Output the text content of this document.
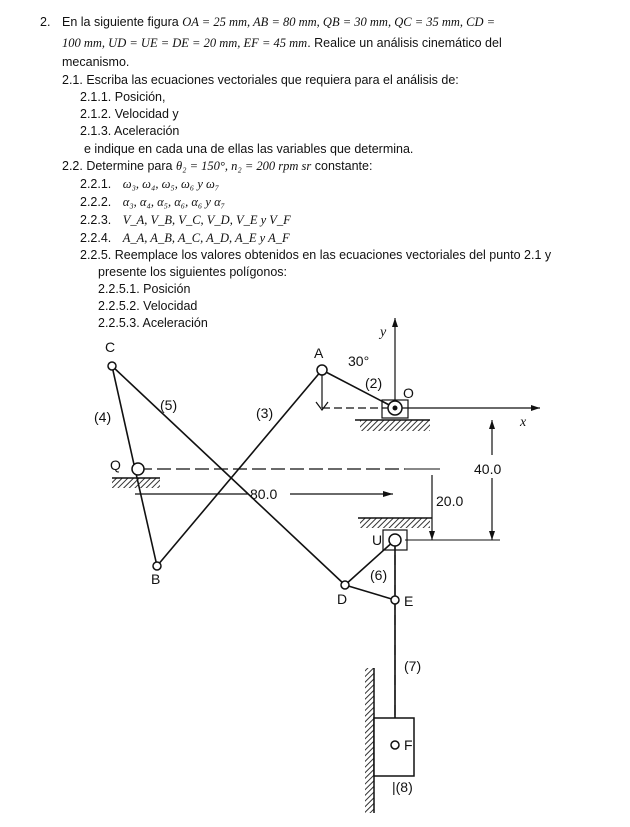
2. En la siguiente figura OA = 25 mm, AB = 80 mm, QB = 30 mm, QC = 35 mm, CD =
100 mm, UD = UE = DE = 20 mm, EF = 45 mm. Realice un análisis cinemático del
mecanismo.
2.1. Escriba las ecuaciones vectoriales que requiera para el análisis de:
2.1.1. Posición,
2.1.2. Velocidad y
2.1.3. Aceleración
e indique en cada una de ellas las variables que determina.
2.2. Determine para θ₂ = 150°, n₂ = 200 rpm sr constante:
2.2.1. ω₃, ω₄, ω₅, ω₆ y ω₇
2.2.2. α₃, α₄, α₅, α₆, α₆ y α₇
2.2.3. V_A, V_B, V_C, V_D, V_E y V_F
2.2.4. A_A, A_B, A_C, A_D, A_E y A_F
2.2.5. Reemplace los valores obtenidos en las ecuaciones vectoriales del punto 2.1 y
presente los siguientes polígonos:
2.2.5.1. Posición
2.2.5.2. Velocidad
2.2.5.3. Aceleración
y
x
80.0
40.0
20.0
C	A 30°
(2)
O
(4)
(5)	(3)
Q
B
U
(6)
D	E
(7)
F
|(8)
